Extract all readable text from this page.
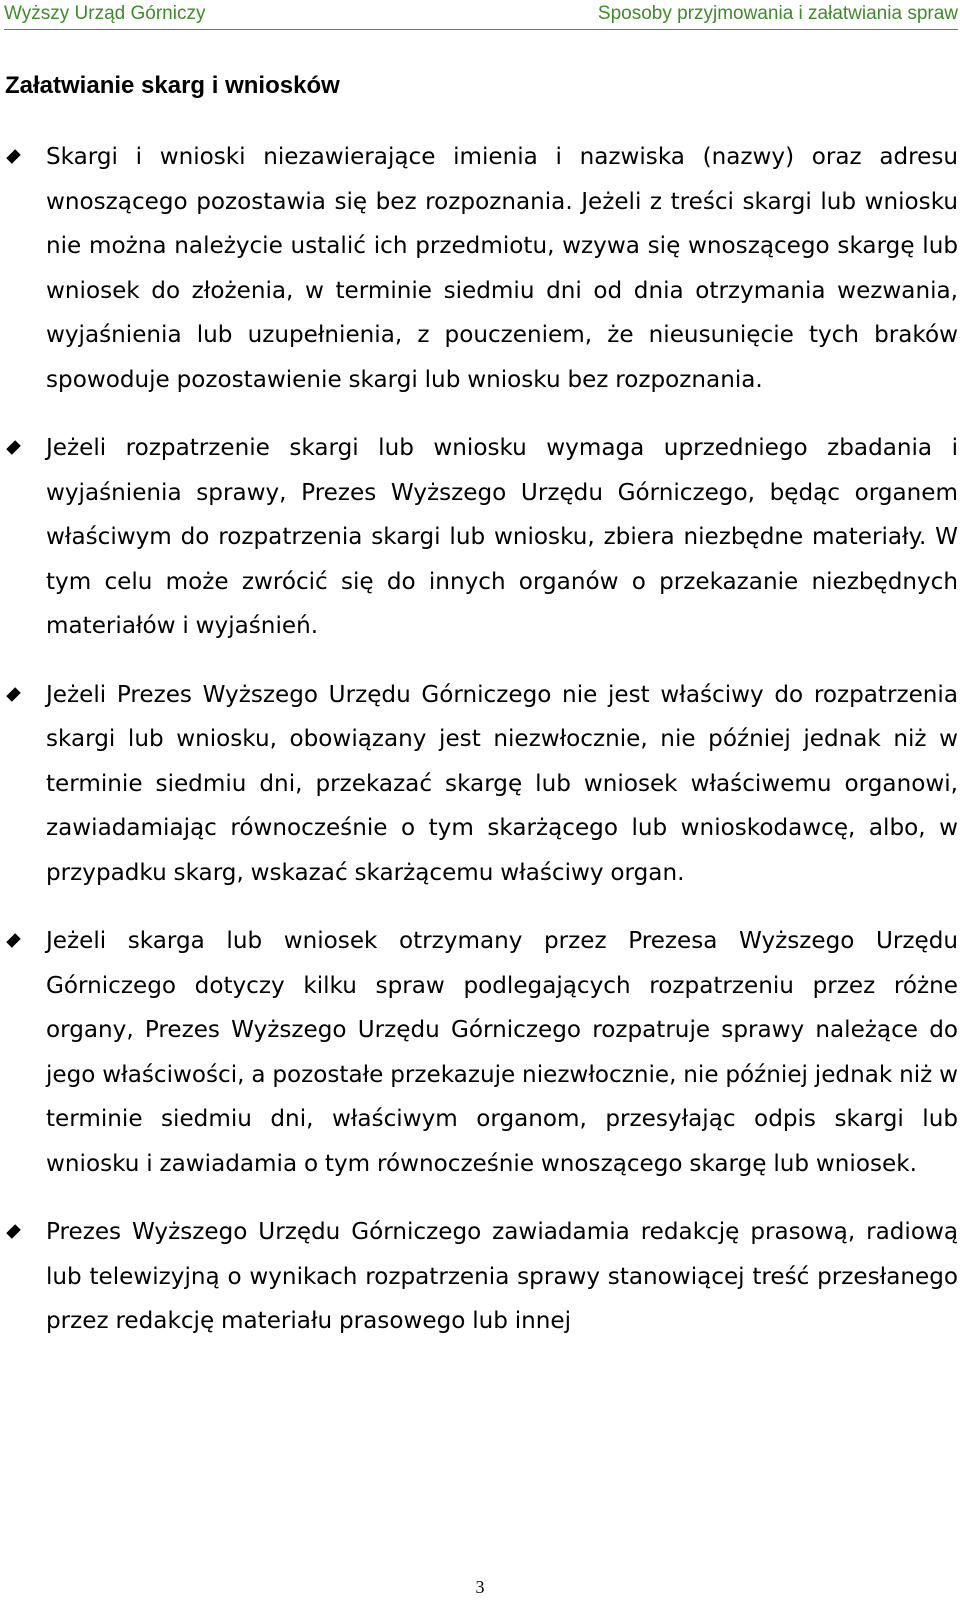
Wyższy Urząd Górniczy	Sposoby przyjmowania i załatwiania spraw
Załatwianie skarg i wniosków

Skargi i wnioski niezawierające imienia i nazwiska (nazwy) oraz adresu wnoszącego pozostawia się bez rozpoznania. Jeżeli z treści skargi lub wniosku nie można należycie ustalić ich przedmiotu, wzywa się wnoszącego skargę lub wniosek do złożenia, w terminie siedmiu dni od dnia otrzymania wezwania, wyjaśnienia lub uzupełnienia, z pouczeniem, że nieusunięcie tych braków spowoduje pozostawienie skargi lub wniosku bez rozpoznania.

Jeżeli rozpatrzenie skargi lub wniosku wymaga uprzedniego zbadania i wyjaśnienia sprawy, Prezes Wyższego Urzędu Górniczego, będąc organem właściwym do rozpatrzenia skargi lub wniosku, zbiera niezbędne materiały. W tym celu może zwrócić się do innych organów o przekazanie niezbędnych materiałów i wyjaśnień.

Jeżeli Prezes Wyższego Urzędu Górniczego nie jest właściwy do rozpatrzenia skargi lub wniosku, obowiązany jest niezwłocznie, nie później jednak niż w terminie siedmiu dni, przekazać skargę lub wniosek właściwemu organowi, zawiadamiając równocześnie o tym skarżącego lub wnioskodawcę, albo, w przypadku skarg, wskazać skarżącemu właściwy organ.

Jeżeli skarga lub wniosek otrzymany przez Prezesa Wyższego Urzędu Górniczego dotyczy kilku spraw podlegających rozpatrzeniu przez różne organy, Prezes Wyższego Urzędu Górniczego rozpatruje sprawy należące do jego właściwości, a pozostałe przekazuje niezwłocznie, nie później jednak niż w terminie siedmiu dni, właściwym organom, przesyłając odpis skargi lub wniosku i zawiadamia o tym równocześnie wnoszącego skargę lub wniosek.

Prezes Wyższego Urzędu Górniczego zawiadamia redakcję prasową, radiową lub telewizyjną o wynikach rozpatrzenia sprawy stanowiącej treść przesłanego przez redakcję materiału prasowego lub innej

3
